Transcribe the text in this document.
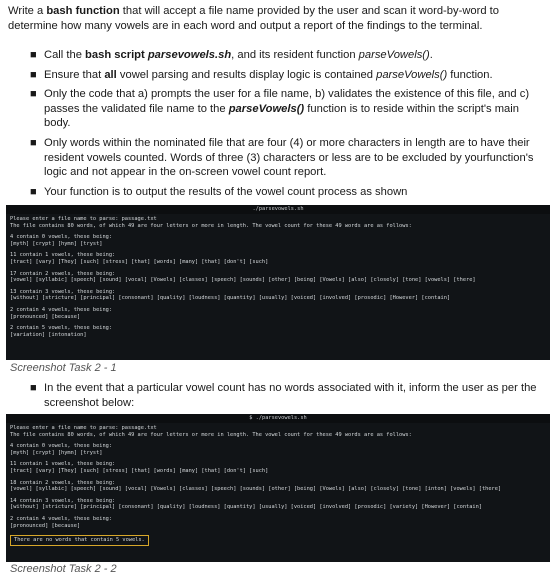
Write a bash function that will accept a file name provided by the user and scan it word-by-word to determine how many vowels are in each word and output a report of the findings to the terminal.
■ Call the bash script parsevowels.sh, and its resident function parseVowels().
■ Ensure that all vowel parsing and results display logic is contained parseVowels() function.
■ Only the code that a) prompts the user for a file name, b) validates the existence of this file, and c) passes the validated file name to the parseVowels() function is to reside within the script's main body.
■ Only words within the nominated file that are four (4) or more characters in length are to have their resident vowels counted. Words of three (3) characters or less are to be excluded by yourfunction's logic and not appear in the on-screen vowel count report.
■ Your function is to output the results of the vowel count process as shown
./parsevowels.sh
Please enter a file name to parse: passage.txt
The file contains 80 words, of which 49 are four letters or more in length. The vowel count for these 49 words are as follows:
4 contain 0 vowels, these being:
[myth] [crypt] [hymn] [tryst]
11 contain 1 vowels, these being:
[tract] [vary] [They] [such] [stress] [that] [words] [many] [that] [don't] [such]
17 contain 2 vowels, these being:
[vowel] [syllabic] [speech] [sound] [vocal] [Vowels] [classes] [speech] [sounds] [other] [being] [Vowels] [also] [closely] [tone] [vowels] [there]
13 contain 3 vowels, these being:
[without] [stricture] [principal] [consonant] [quality] [loudness] [quantity] [usually] [voiced] [involved] [prosodic] [However] [contain]
2 contain 4 vowels, these being:
[pronounced] [because]
2 contain 5 vowels, these being:
[variation] [intonation]
Screenshot Task 2 - 1
■ In the event that a particular vowel count has no words associated with it, inform the user as per the screenshot below:
$ ./parsevowels.sh
Please enter a file name to parse: passage.txt
The file contains 80 words, of which 49 are four letters or more in length. The vowel count for these 49 words are as follows:
4 contain 0 vowels, these being:
[myth] [crypt] [hymn] [tryst]
11 contain 1 vowels, these being:
[tract] [vary] [They] [such] [stress] [that] [words] [many] [that] [don't] [such]
18 contain 2 vowels, these being:
[vowel] [syllabic] [speech] [sound] [vocal] [Vowels] [classes] [speech] [sounds] [other] [being] [Vowels] [also] [closely] [tone] [inton] [vowels] [there]
14 contain 3 vowels, these being:
[without] [stricture] [principal] [consonant] [quality] [loudness] [quantity] [usually] [voiced] [involved] [prosodic] [variety] [However] [contain]
2 contain 4 vowels, these being:
[pronounced] [because]
There are no words that contain 5 vowels.
Screenshot Task 2 - 2
